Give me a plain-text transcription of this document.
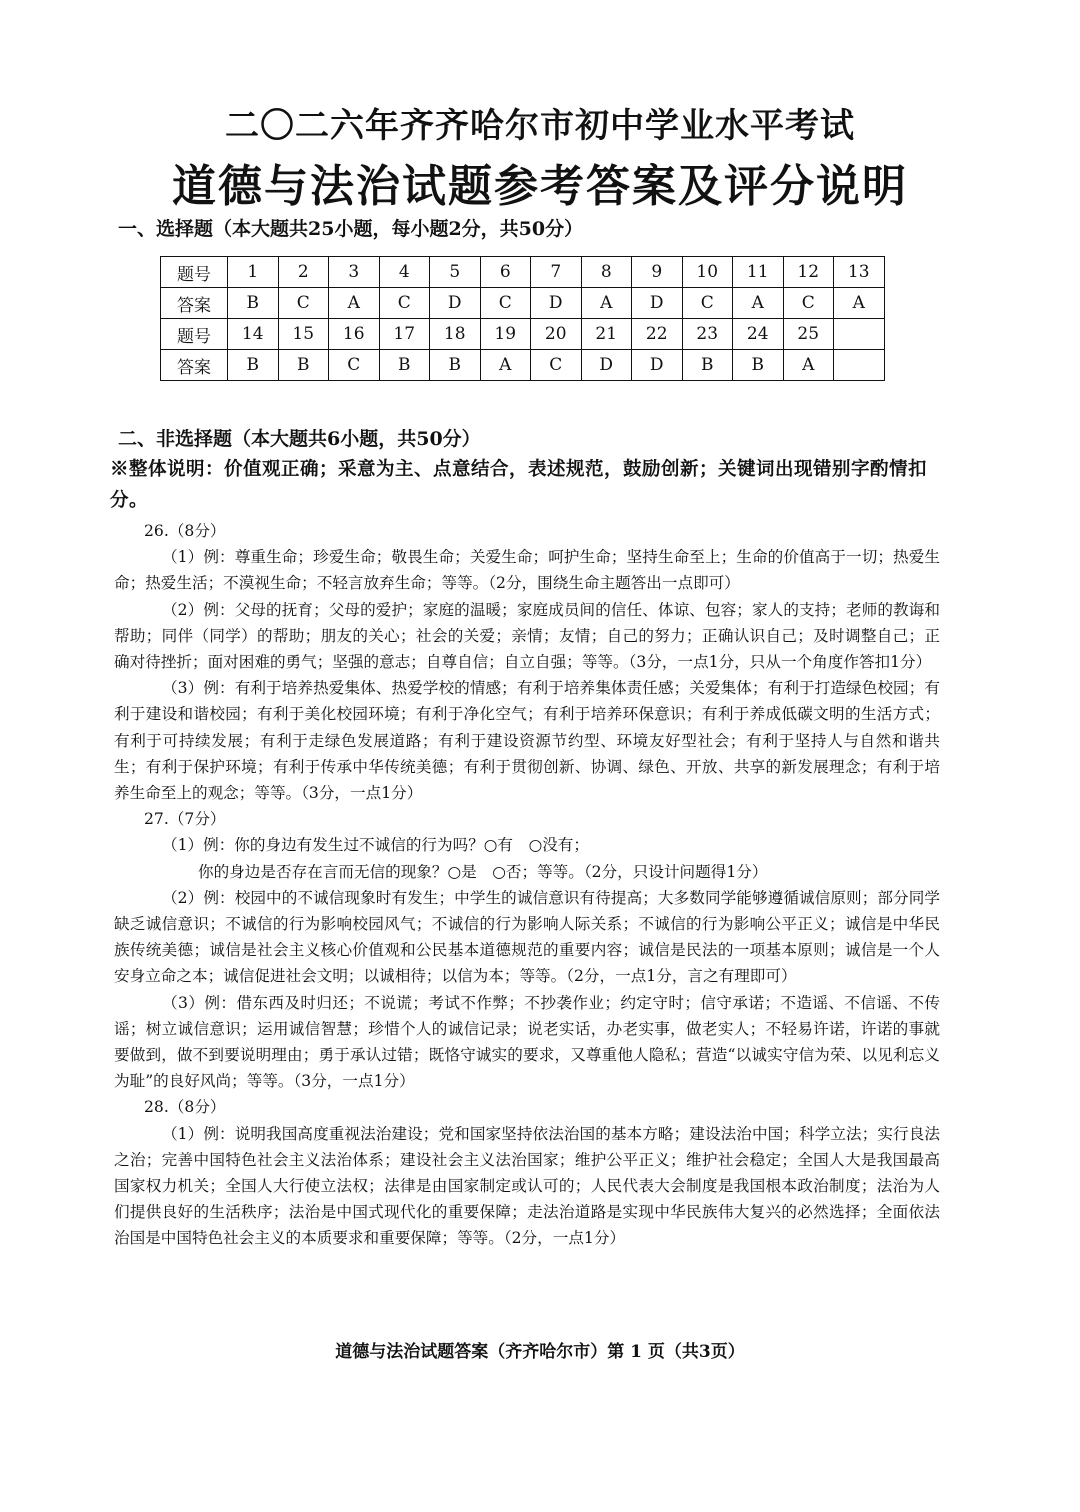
二〇二六年齐齐哈尔市初中学业水平考试
道德与法治试题参考答案及评分说明
一、选择题（本大题共25小题，每小题2分，共50分）
题号	1	2	3	4	5	6	7	8	9	10	11	12	13
答案	B	C	A	C	D	C	D	A	D	C	A	C	A
题号	14	15	16	17	18	19	20	21	22	23	24	25	
答案	B	B	C	B	B	A	C	D	D	B	B	A	
二、非选择题（本大题共6小题，共50分）
※整体说明：价值观正确；采意为主、点意结合，表述规范，鼓励创新；关键词出现错别字酌情扣分。

26.（8分）

（1）例：尊重生命；珍爱生命；敬畏生命；关爱生命；呵护生命；坚持生命至上；生命的价值高于一切；热爱生命；热爱生活；不漠视生命；不轻言放弃生命；等等。（2分，围绕生命主题答出一点即可）

（2）例：父母的抚育；父母的爱护；家庭的温暖；家庭成员间的信任、体谅、包容；家人的支持；老师的教诲和帮助；同伴（同学）的帮助；朋友的关心；社会的关爱；亲情；友情；自己的努力；正确认识自己；及时调整自己；正确对待挫折；面对困难的勇气；坚强的意志；自尊自信；自立自强；等等。（3分，一点1分，只从一个角度作答扣1分）

（3）例：有利于培养热爱集体、热爱学校的情感；有利于培养集体责任感；关爱集体；有利于打造绿色校园；有利于建设和谐校园；有利于美化校园环境；有利于净化空气；有利于培养环保意识；有利于养成低碳文明的生活方式；有利于可持续发展；有利于走绿色发展道路；有利于建设资源节约型、环境友好型社会；有利于坚持人与自然和谐共生；有利于保护环境；有利于传承中华传统美德；有利于贯彻创新、协调、绿色、开放、共享的新发展理念；有利于培养生命至上的观念；等等。（3分，一点1分）

27.（7分）

（1）例：你的身边有发生过不诚信的行为吗？○有　○没有；

你的身边是否存在言而无信的现象？○是　○否；等等。（2分，只设计问题得1分）

（2）例：校园中的不诚信现象时有发生；中学生的诚信意识有待提高；大多数同学能够遵循诚信原则；部分同学缺乏诚信意识；不诚信的行为影响校园风气；不诚信的行为影响人际关系；不诚信的行为影响公平正义；诚信是中华民族传统美德；诚信是社会主义核心价值观和公民基本道德规范的重要内容；诚信是民法的一项基本原则；诚信是一个人安身立命之本；诚信促进社会文明；以诚相待；以信为本；等等。（2分，一点1分，言之有理即可）

（3）例：借东西及时归还；不说谎；考试不作弊；不抄袭作业；约定守时；信守承诺；不造谣、不信谣、不传谣；树立诚信意识；运用诚信智慧；珍惜个人的诚信记录；说老实话，办老实事，做老实人；不轻易许诺，许诺的事就要做到，做不到要说明理由；勇于承认过错；既恪守诚实的要求，又尊重他人隐私；营造“以诚实守信为荣、以见利忘义为耻”的良好风尚；等等。（3分，一点1分）

28.（8分）

（1）例：说明我国高度重视法治建设；党和国家坚持依法治国的基本方略；建设法治中国；科学立法；实行良法之治；完善中国特色社会主义法治体系；建设社会主义法治国家；维护公平正义；维护社会稳定；全国人大是我国最高国家权力机关；全国人大行使立法权；法律是由国家制定或认可的；人民代表大会制度是我国根本政治制度；法治为人们提供良好的生活秩序；法治是中国式现代化的重要保障；走法治道路是实现中华民族伟大复兴的必然选择；全面依法治国是中国特色社会主义的本质要求和重要保障；等等。（2分，一点1分）

道德与法治试题答案（齐齐哈尔市）第 1 页（共3页）
